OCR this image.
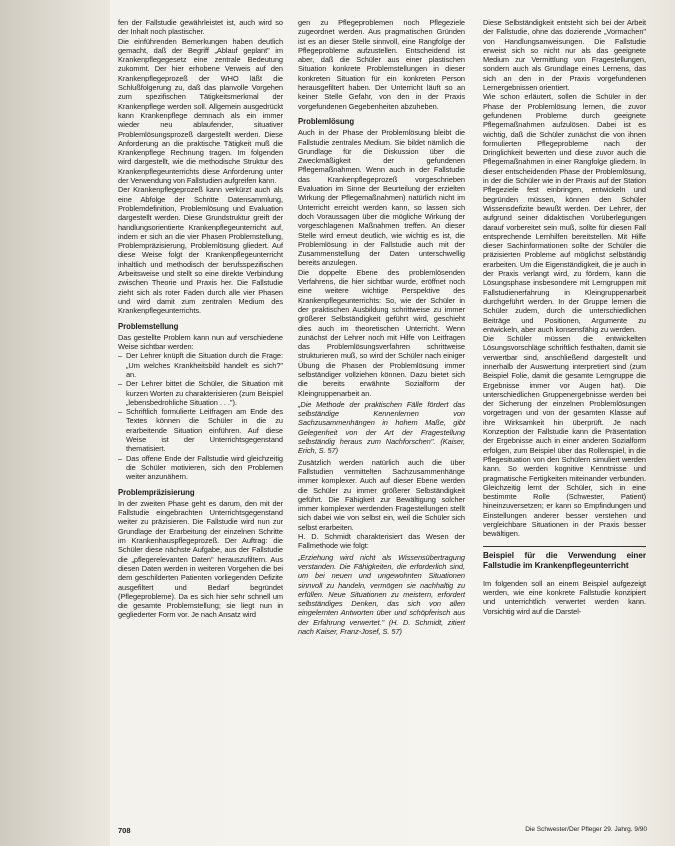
fen der Fallstudie gewährleistet ist, auch wird so der Inhalt noch plastischer.

Die einführenden Bemerkungen haben deutlich gemacht, daß der Begriff „Ablauf geplant" im Krankenpflegegesetz eine zentrale Bedeutung zukommt. Der hier erhobene Verweis auf den Krankenpflegeprozeß der WHO läßt die Schlußfolgerung zu, daß das planvolle Vorgehen zum spezifischen Tätigkeitsmerkmal der Krankenpflege werden soll. Allgemein ausgedrückt kann Krankenpflege demnach als ein immer wieder neu ablaufender, situativer Problemlösungsprozeß dargestellt werden. Diese Anforderung an die praktische Tätigkeit muß die Krankenpflege Rechnung tragen. Im folgenden wird dargestellt, wie die methodische Struktur des Krankenpflegeunterrichts diese Anforderung unter der Verwendung von Fallstudien aufgreifen kann.

Der Krankenpflegeprozeß kann verkürzt auch als eine Abfolge der Schritte Datensammlung, Problemdefinition, Problemlösung und Evaluation dargestellt werden. Diese Grundstruktur greift der handlungsorientierte Krankenpflegeunterricht auf, indem er sich an die vier Phasen Problemstellung, Problempräzisierung, Problemlösung gliedert. Auf diese Weise folgt der Krankenpflegeunterricht inhaltlich und methodisch der berufsspezifischen Arbeitsweise und stellt so eine direkte Verbindung zwischen Theorie und Praxis her. Die Fallstudie zieht sich als roter Faden durch alle vier Phasen und wird damit zum zentralen Medium des Krankenpflegeunterrichts.

Problemstellung

Das gestellte Problem kann nun auf verschiedene Weise sichtbar werden:

– Der Lehrer knüpft die Situation durch die Frage: „Um welches Krankheitsbild handelt es sich?" an.
– Der Lehrer bittet die Schüler, die Situation mit kurzen Worten zu charakterisieren (zum Beispiel „lebensbedrohliche Situation . . .").
– Schriftlich formulierte Leitfragen am Ende des Textes können die Schüler in die zu erarbeitende Situation einführen. Auf diese Weise ist der Unterrichtsgegenstand thematisiert.
– Das offene Ende der Fallstudie wird gleichzeitig die Schüler motivieren, sich den Problemen weiter anzunähern.
Problempräzisierung

In der zweiten Phase geht es darum, den mit der Fallstudie eingebrachten Unterrichtsgegenstand weiter zu präzisieren. Die Fallstudie wird nun zur Grundlage der Erarbeitung der einzelnen Schritte im Krankenhauspflegeprozeß. Der Auftrag: die Schüler diese nächste Aufgabe, aus der Fallstudie die „pflegerelevanten Daten" herauszufiltern. Aus diesen Daten werden in weiteren Vorgehen die bei dem geschilderten Patienten vorliegenden Defizite ausgefiltert und Bedarf begründet (Pflegeprobleme). Da es sich hier sehr schnell um die gesamte Problemstellung; sie liegt nun in gegliederter Form vor. Je nach Ansatz wird

gen zu Pflegeproblemen noch Pflegeziele zugeordnet werden. Aus pragmatischen Gründen ist es an dieser Stelle sinnvoll, eine Rangfolge der Pflegeprobleme aufzustellen. Entscheidend ist aber, daß die Schüler aus einer plastischen Situation konkrete Problemstellungen in dieser konkreten Situation für ein konkreten Person herausgefiltert haben. Der Unterricht läuft so an keiner Stelle Gefahr, von den in der Praxis vorgefundenen Gegebenheiten abzuheben.

Problemlösung

Auch in der Phase der Problemlösung bleibt die Fallstudie zentrales Medium. Sie bildet nämlich die Grundlage für die Diskussion über die Zweckmäßigkeit der gefundenen Pflegemaßnahmen. Wenn auch in der Fallstudie das Krankenpflegeprozeß vorgeschrieben Evaluation im Sinne der Beurteilung der erzielten Wirkung der Pflegemaßnahmen) natürlich nicht im Unterricht erreicht werden kann, so lassen sich doch Voraussagen über die mögliche Wirkung der vorgeschlagenen Maßnahmen treffen. An dieser Stelle wird erneut deutlich, wie wichtig es ist, die Problemlösung in der Fallstudie auch mit der Zusammenstellung der Daten unterschwellig bereits anzulegen.

Die doppelte Ebene des problemlösenden Verfahrens, die hier sichtbar wurde, eröffnet noch eine weitere wichtige Perspektive des Krankenpflegeunterrichts: So, wie der Schüler in der praktischen Ausbildung schrittweise zu immer größerer Selbständigkeit geführt wird, geschieht dies auch im theoretischen Unterricht. Wenn zunächst der Lehrer noch mit Hilfe von Leitfragen das Problemlösungsverfahren schrittweise strukturieren muß, so wird der Schüler nach einiger Übung die Phasen der Problemlösung immer selbständiger vollziehen können. Dazu bietet sich die bereits erwähnte Sozialform der Kleingruppenarbeit an.

„Die Methode der praktischen Fälle fördert das selbständige Kennenlernen von Sachzusammenhängen in hohem Maße, gibt Gelegenheit von der Art der Fragestellung selbständig heraus zum Nachforschen". (Kaiser, Erich, S. 57)

Zusätzlich werden natürlich auch die über Fallstudien vermittelten Sachzusammenhänge immer komplexer. Auch auf dieser Ebene werden die Schüler zu immer größerer Selbständigkeit geführt. Die Fähigkeit zur Bewältigung solcher immer komplexer werdenden Fragestellungen stellt sich dabei wie von selbst ein, weil die Schüler sich selbst erarbeiten.

H. D. Schmidt charakterisiert das Wesen der Fallmethode wie folgt:

„Erziehung wird nicht als Wissensübertragung verstanden. Die Fähigkeiten, die erforderlich sind, um bei neuen und ungewohnten Situationen sinnvoll zu handeln, vermögen sie nachhaltig zu erfüllen. Neue Situationen zu meistern, erfordert selbständiges Denken, das sich von allen eingelernten Antworten über und schöpferisch aus der Erfahrung verwertet." (H. D. Schmidt, zitiert nach Kaiser, Franz-Josef, S. 57)

Diese Selbständigkeit entsteht sich bei der Arbeit der Fallstudie, ohne das dozierende „Vormachen" von Handlungsanweisungen. Die Fallstudie erweist sich so nicht nur als das geeignete Medium zur Vermittlung von Fragestellungen, sondern auch als Grundlage eines Lernens, das sich an den in der Praxis vorgefundenen Lernergebnissen orientiert.

Wie schon erläutert, sollen die Schüler in der Phase der Problemlösung lernen, die zuvor gefundenen Probleme durch geeignete Pflegemaßnahmen aufzulösen. Dabei ist es wichtig, daß die Schüler zunächst die von ihnen formulierten Pflegeprobleme nach der Dringlichkeit bewerten und diese zuvor auch die Pflegemaßnahmen in einer Rangfolge gliedern. In dieser entscheidenden Phase der Problemlösung, in der die Schüler wie in der Praxis auf der Station Pflegeziele fest einbringen, entwickeln und begründen müssen, können den Schüler Wissensdefizite bewußt werden. Der Lehrer, der aufgrund seiner didaktischen Vorüberlegungen darauf vorbereitet sein muß, sollte für diesen Fall entsprechende Lernhilfen bereitstellen. Mit Hilfe dieser Sachinformationen sollte der Schüler die präzisierten Probleme auf möglichst selbständig erarbeiten. Um die Eigenständigkeit, die je auch in der Praxis verlangt wird, zu fördern, kann die Lösungsphase insbesondere mit Lerngruppen mit Fallstudienerfahrung in Kleingruppenarbeit durchgeführt werden. In der Gruppe lernen die Schüler zudem, durch die unterschiedlichen Beiträge und Positionen, Argumente zu entwickeln, aber auch konsensfähig zu werden.

Die Schüler müssen die entwickelten Lösungsvorschläge schriftlich festhalten, damit sie verwertbar sind, anschließend dargestellt und innerhalb der Auswertung interpretiert sind (zum Beispiel Folie, damit die gesamte Lerngruppe die Ergebnisse immer vor Augen hat). Die unterschiedlichen Gruppenergebnisse werden bei der Sicherung der einzelnen Problemlösungen vorgetragen und von der gesamten Klasse auf ihre Wirksamkeit hin überprüft. Je nach Konzeption der Fallstudie kann die Präsentation der Ergebnisse auch in einer anderen Sozialform erfolgen, zum Beispiel über das Rollenspiel, in die Pflegesituation von den Schülern simuliert werden kann. So werden kognitive Kenntnisse und pragmatische Fertigkeiten miteinander verbunden. Gleichzeitig lernt der Schüler, sich in eine bestimmte Rolle (Schwester, Patient) hineinzuversetzen; er kann so Empfindungen und Einstellungen anderer besser verstehen und vergleichbare Situationen in der Praxis besser bewältigen.

Beispiel für die Verwendung einer Fallstudie im Krankenpflegeunterricht

Im folgenden soll an einem Beispiel aufgezeigt werden, wie eine konkrete Fallstudie konzipiert und unterrichtlich verwertet werden kann. Vorsichtig wird auf die Darstel-

708	Die Schwester/Der Pfleger 29. Jahrg. 9/90
